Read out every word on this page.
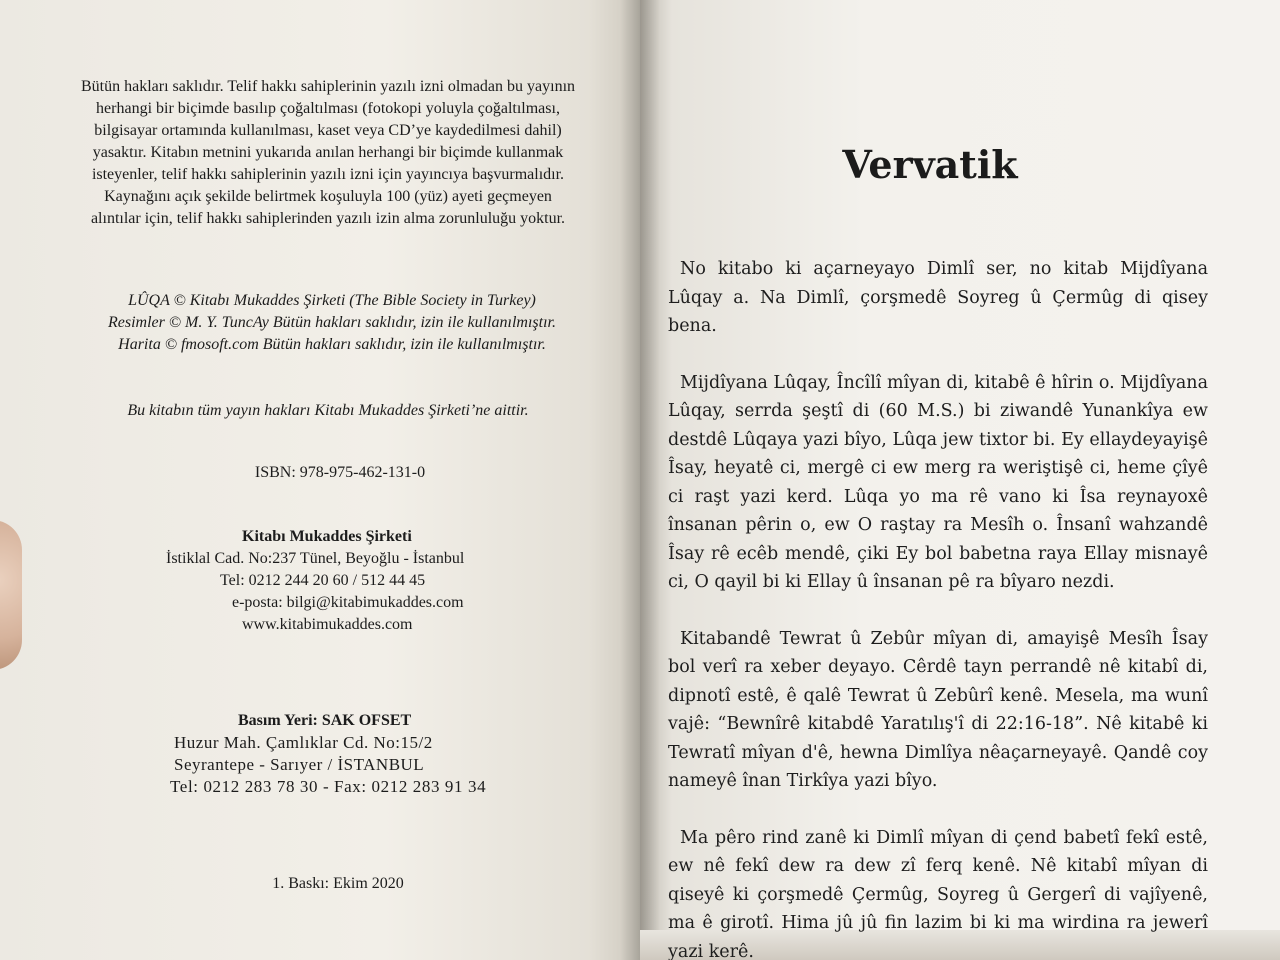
Bütün hakları saklıdır. Telif hakkı sahiplerinin yazılı izni olmadan bu yayının

herhangi bir biçimde basılıp çoğaltılması (fotokopi yoluyla çoğaltılması,

bilgisayar ortamında kullanılması, kaset veya CD’ye kaydedilmesi dahil)

yasaktır. Kitabın metnini yukarıda anılan herhangi bir biçimde kullanmak

isteyenler, telif hakkı sahiplerinin yazılı izni için yayıncıya başvurmalıdır.

Kaynağını açık şekilde belirtmek koşuluyla 100 (yüz) ayeti geçmeyen

alıntılar için, telif hakkı sahiplerinden yazılı izin alma zorunluluğu yoktur.

LÛQA © Kitabı Mukaddes Şirketi (The Bible Society in Turkey)

Resimler © M. Y. TuncAy Bütün hakları saklıdır, izin ile kullanılmıştır.

Harita © fmosoft.com Bütün hakları saklıdır, izin ile kullanılmıştır.

Bu kitabın tüm yayın hakları Kitabı Mukaddes Şirketi’ne aittir.

ISBN: 978-975-462-131-0

Kitabı Mukaddes Şirketi

İstiklal Cad. No:237 Tünel, Beyoğlu - İstanbul

Tel: 0212 244 20 60 / 512 44 45

e-posta: bilgi@kitabimukaddes.com

www.kitabimukaddes.com

Basım Yeri: SAK OFSET

Huzur Mah. Çamlıklar Cd. No:15/2

Seyrantepe - Sarıyer / İSTANBUL

Tel: 0212 283 78 30 - Fax: 0212 283 91 34

1. Baskı: Ekim 2020

Vervatik

No kitabo ki açarneyayo Dimlî ser, no kitab Mijdîyana Lûqay a. Na Dimlî, çorşmedê Soyreg û Çermûg di qisey bena.

Mijdîyana Lûqay, Încîlî mîyan di, kitabê ê hîrin o. Mijdîyana Lûqay, serrda şeştî di (60 M.S.) bi ziwandê Yunankîya ew destdê Lûqaya yazi bîyo, Lûqa jew tixtor bi. Ey ellaydeyayişê Îsay, heyatê ci, mergê ci ew merg ra weriştişê ci, heme çîyê ci raşt yazi kerd. Lûqa yo ma rê vano ki Îsa reynayoxê însanan pêrin o, ew O raştay ra Mesîh o. Însanî wahzandê Îsay rê ecêb mendê, çiki Ey bol babetna raya Ellay misnayê ci, O qayil bi ki Ellay û însanan pê ra bîyaro nezdi.

Kitabandê Tewrat û Zebûr mîyan di, amayişê Mesîh Îsay bol verî ra xeber deyayo. Cêrdê tayn perrandê nê kitabî di, dipnotî estê, ê qalê Tewrat û Zebûrî kenê. Mesela, ma wunî vajê: “Bewnîrê kitabdê Yaratılış'î di 22:16-18”. Nê kitabê ki Tewratî mîyan d'ê, hewna Dimlîya nêaçarneyayê. Qandê coy nameyê înan Tirkîya yazi bîyo.

Ma pêro rind zanê ki Dimlî mîyan di çend babetî fekî estê, ew nê fekî dew ra dew zî ferq kenê. Nê kitabî mîyan di qiseyê ki çorşmedê Çermûg, Soyreg û Gergerî di vajîyenê, ma ê girotî. Hima jû jû fin lazim bi ki ma wirdina ra jewerî yazi kerê.
